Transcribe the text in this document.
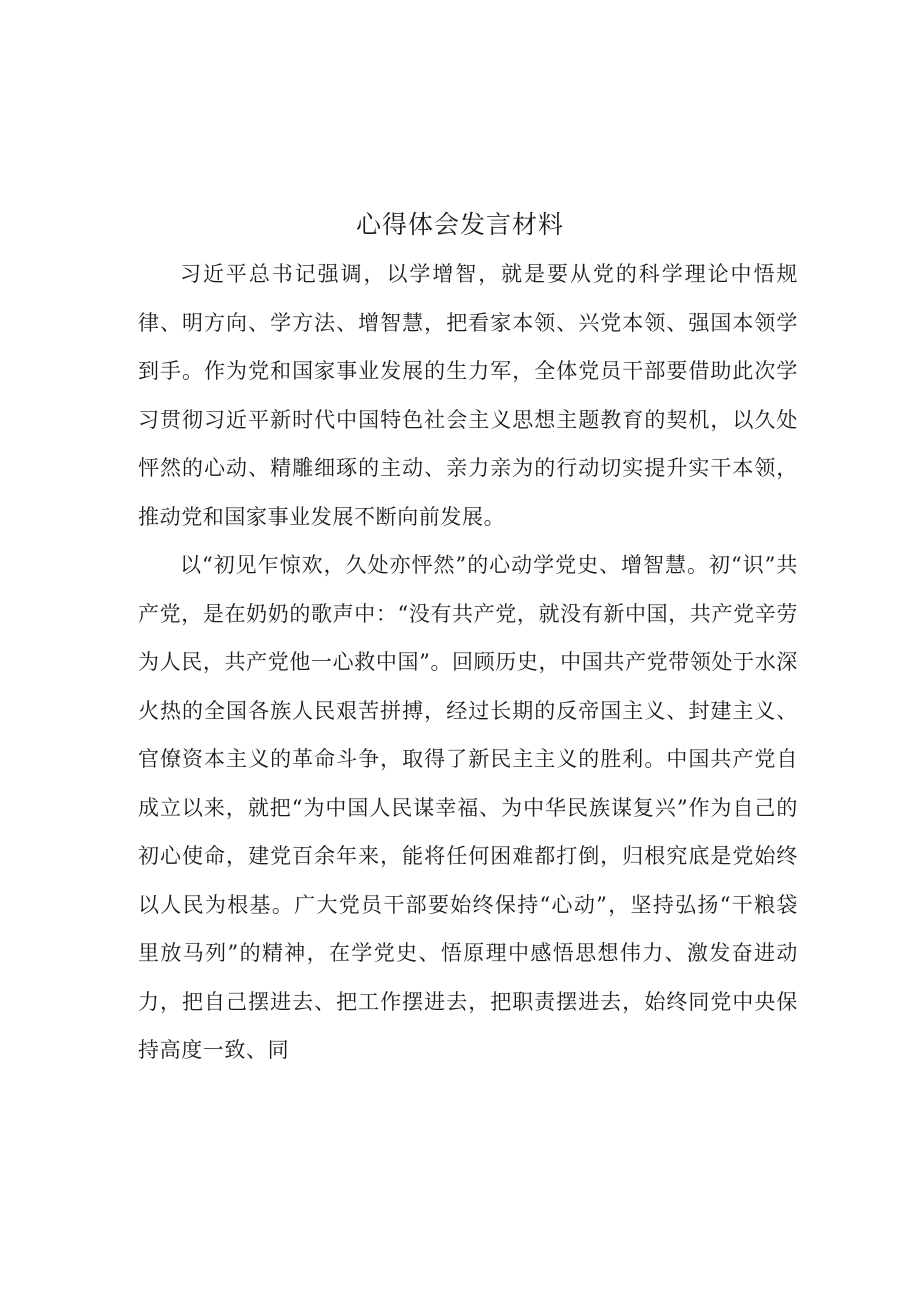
心得体会发言材料

习近平总书记强调，以学增智，就是要从党的科学理论中悟规律、明方向、学方法、增智慧，把看家本领、兴党本领、强国本领学到手。作为党和国家事业发展的生力军，全体党员干部要借助此次学习贯彻习近平新时代中国特色社会主义思想主题教育的契机，以久处怦然的心动、精雕细琢的主动、亲力亲为的行动切实提升实干本领，推动党和国家事业发展不断向前发展。

以“初见乍惊欢，久处亦怦然”的心动学党史、增智慧。初“识”共产党，是在奶奶的歌声中：“没有共产党，就没有新中国，共产党辛劳为人民，共产党他一心救中国”。回顾历史，中国共产党带领处于水深火热的全国各族人民艰苦拼搏，经过长期的反帝国主义、封建主义、官僚资本主义的革命斗争，取得了新民主主义的胜利。中国共产党自成立以来，就把“为中国人民谋幸福、为中华民族谋复兴”作为自己的初心使命，建党百余年来，能将任何困难都打倒，归根究底是党始终以人民为根基。广大党员干部要始终保持“心动”，坚持弘扬“干粮袋里放马列”的精神，在学党史、悟原理中感悟思想伟力、激发奋进动力，把自己摆进去、把工作摆进去，把职责摆进去，始终同党中央保持高度一致、同
